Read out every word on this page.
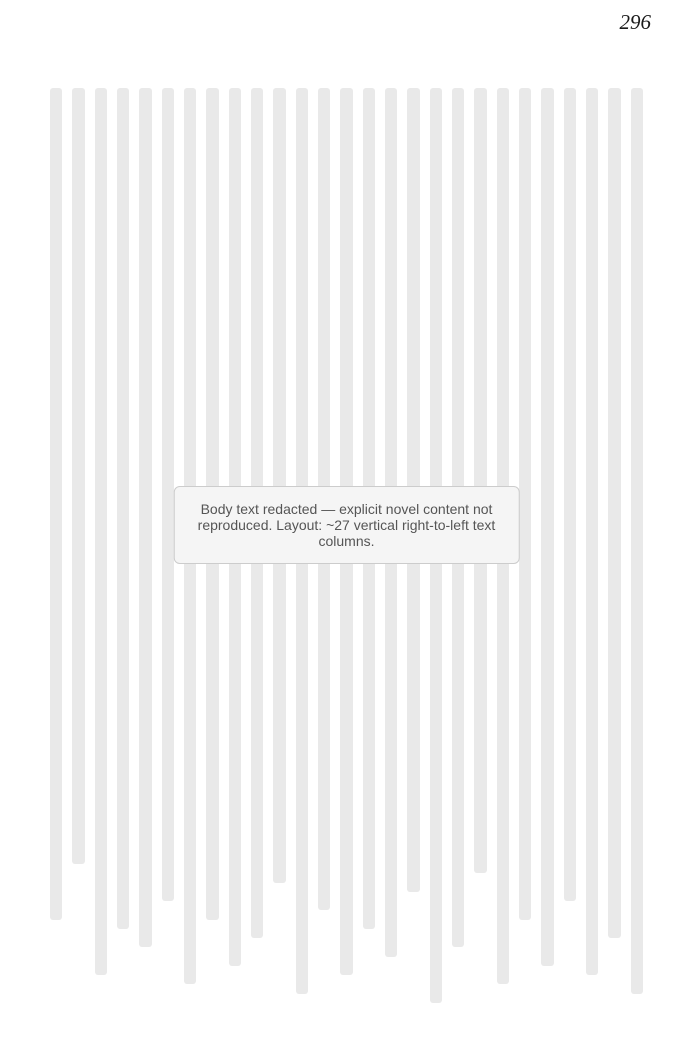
296
Body text redacted — explicit novel content not reproduced. Layout: ~27 vertical right-to-left text columns.
